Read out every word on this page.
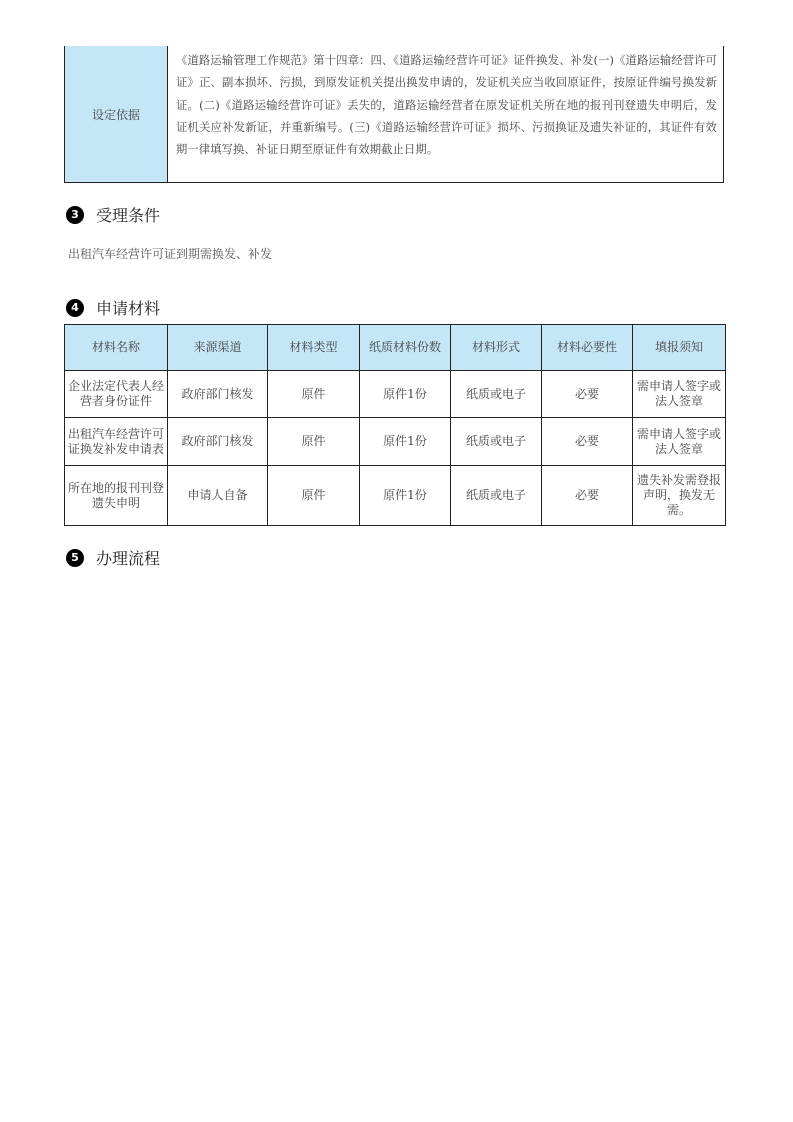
设定依据
《道路运输管理工作规范》第十四章：四、《道路运输经营许可证》证件换发、补发(一)《道路运输经营许可证》正、副本损坏、污损，到原发证机关提出换发申请的，发证机关应当收回原证件，按原证件编号换发新证。(二)《道路运输经营许可证》丢失的，道路运输经营者在原发证机关所在地的报刊刊登遗失申明后，发证机关应补发新证，并重新编号。(三)《道路运输经营许可证》损坏、污损换证及遗失补证的，其证件有效期一律填写换、补证日期至原证件有效期截止日期。
3	受理条件
出租汽车经营许可证到期需换发、补发
4	申请材料
材料名称	来源渠道	材料类型	纸质材料份数	材料形式	材料必要性	填报须知
企业法定代表人经营者身份证件	政府部门核发	原件	原件1份	纸质或电子	必要	需申请人签字或法人签章
出租汽车经营许可证换发补发申请表	政府部门核发	原件	原件1份	纸质或电子	必要	需申请人签字或法人签章
所在地的报刊刊登遗失申明	申请人自备	原件	原件1份	纸质或电子	必要	遗失补发需登报声明，换发无需。
5	办理流程
